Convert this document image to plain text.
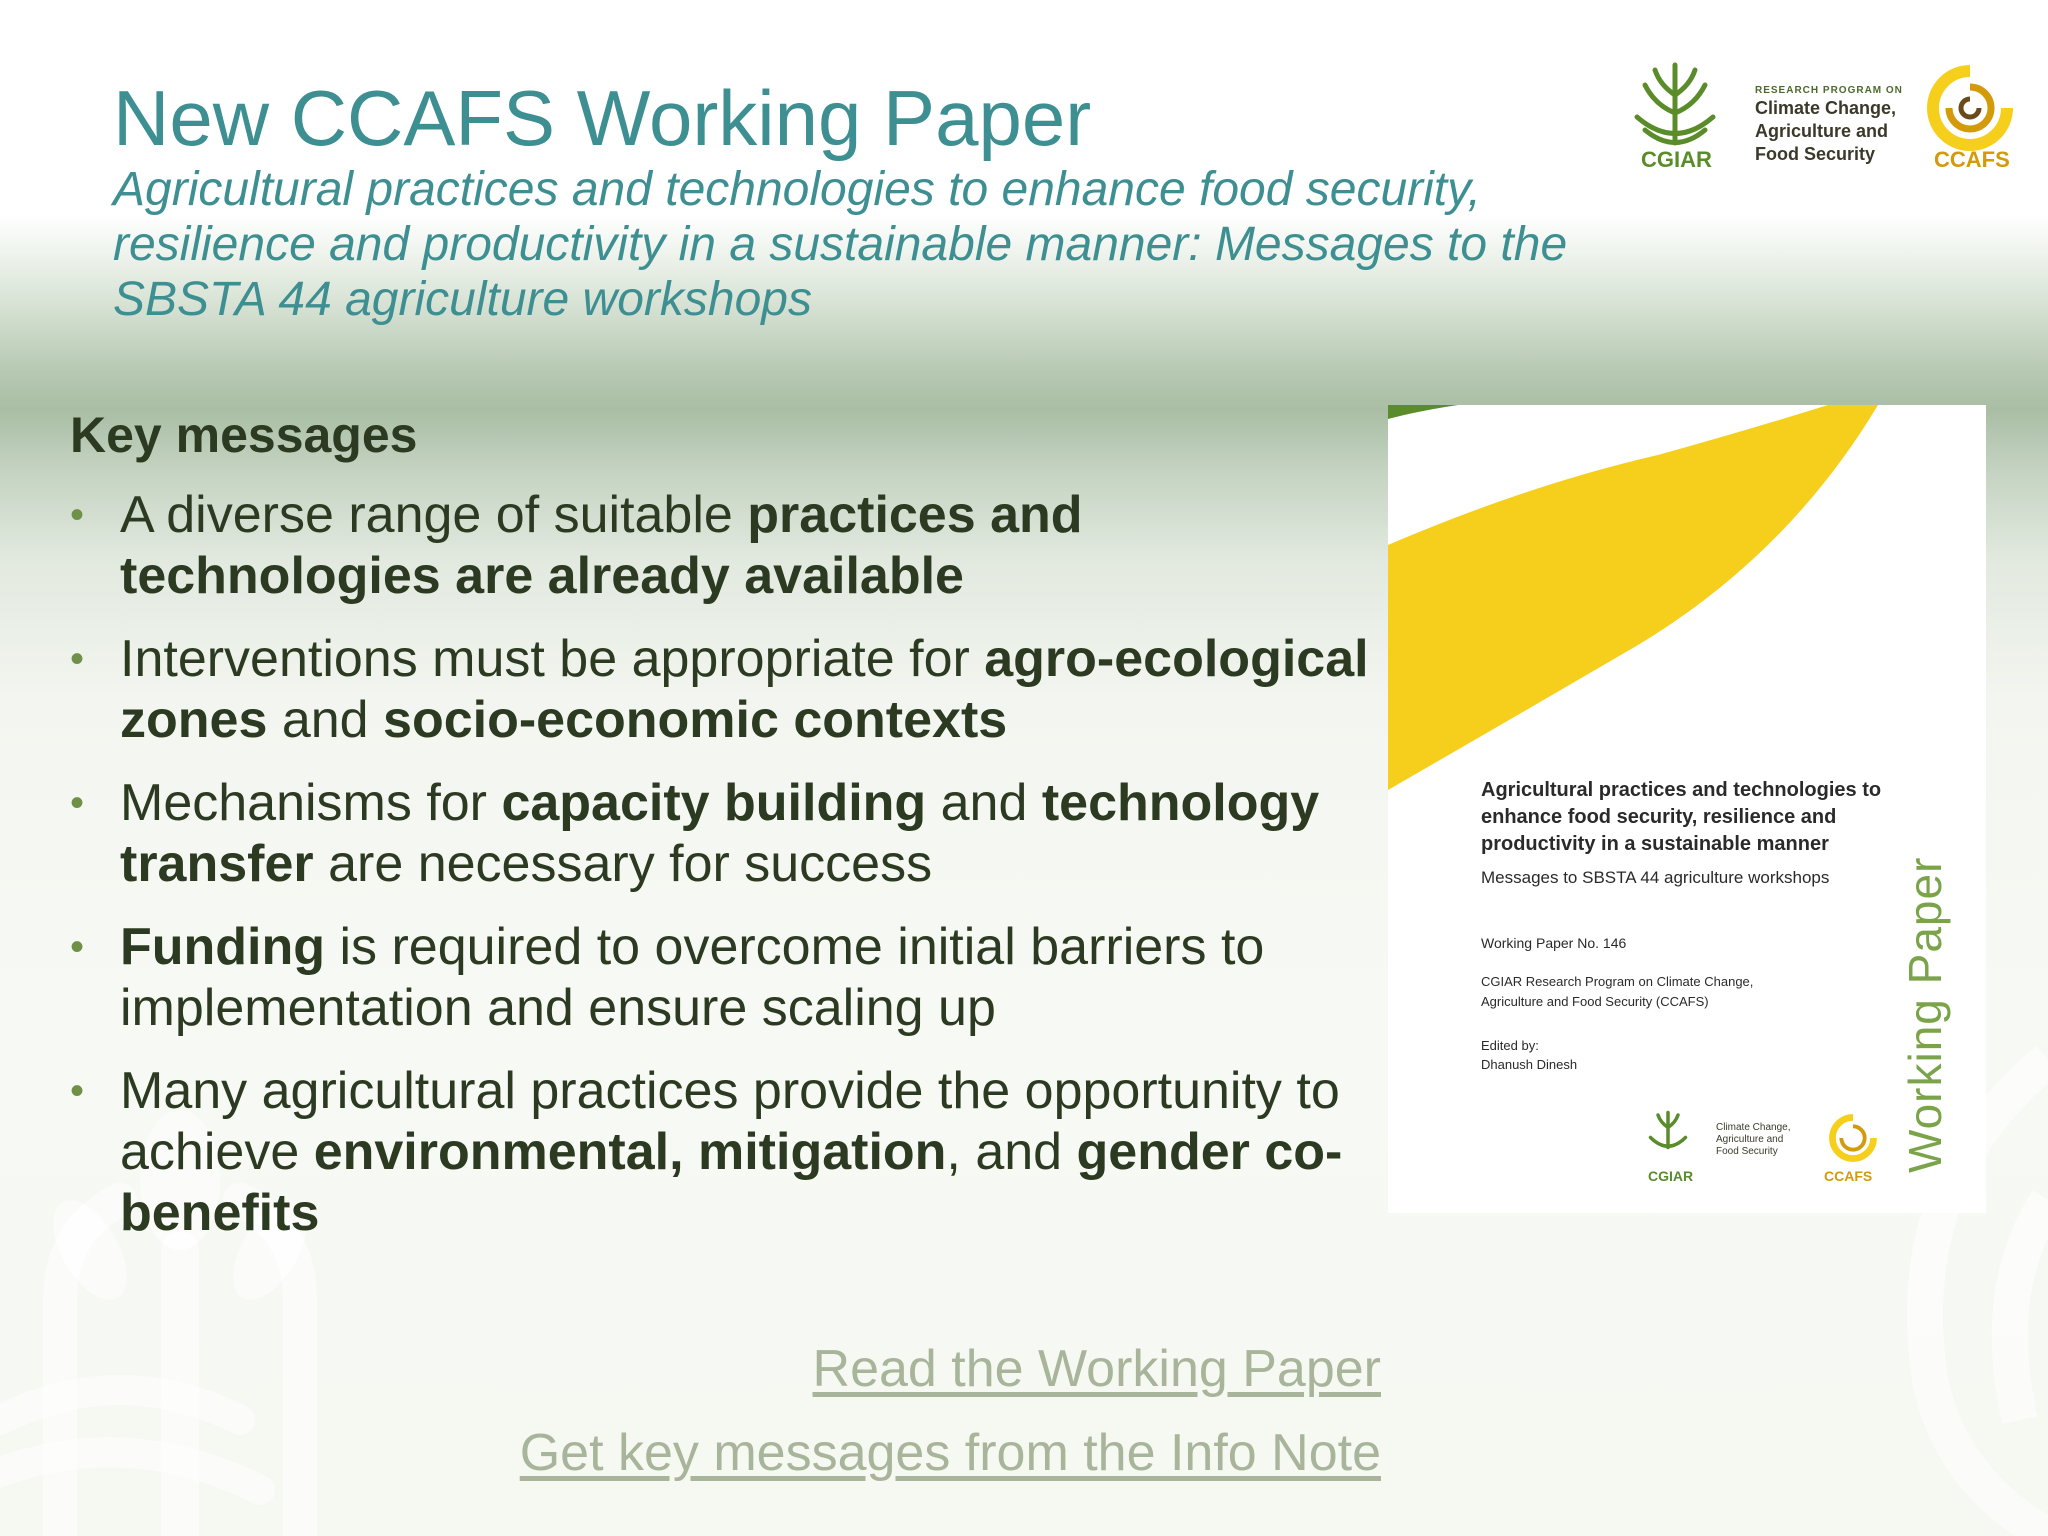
New CCAFS Working Paper

Agricultural practices and technologies to enhance food security, resilience and productivity in a sustainable manner: Messages to the SBSTA 44 agriculture workshops

CGIAR
RESEARCH PROGRAM ON
Climate Change, Agriculture and Food Security	CCAFS
Key messages
• A diverse range of suitable practices and technologies are already available
• Interventions must be appropriate for agro-ecological zones and socio-economic contexts
• Mechanisms for capacity building and technology transfer are necessary for success
• Funding is required to overcome initial barriers to implementation and ensure scaling up
• Many agricultural practices provide the opportunity to achieve environmental, mitigation, and gender co-benefits
Read the Working Paper
Get key messages from the Info Note
Agricultural practices and technologies to enhance food security, resilience and productivity in a sustainable manner
Messages to SBSTA 44 agriculture workshops
Working Paper No. 146
CGIAR Research Program on Climate Change, Agriculture and Food Security (CCAFS)
Edited by:
Dhanush Dinesh	Working Paper
CGIAR
Climate Change, Agriculture and Food Security
CCAFS
